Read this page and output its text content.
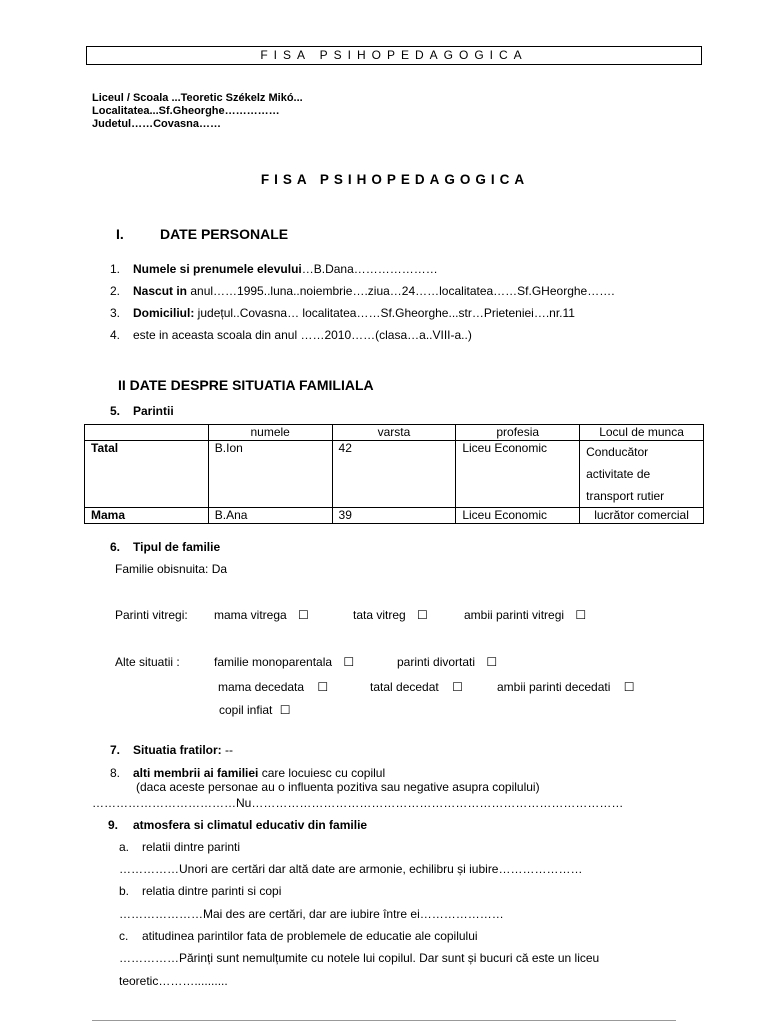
FISA PSIHOPEDAGOGICA
Liceul / Scoala ...Teoretic Székelz Mikó...
Localitatea...Sf.Gheorghe……………
Judetul……Covasna……
FISA PSIHOPEDAGOGICA
I.	DATE PERSONALE
1. Numele si prenumele elevului…B.Dana…………………
2. Nascut in anul……1995..luna..noiembrie….ziua…24……localitatea……Sf.GHeorghe…….
3. Domiciliul: județul..Covasna… localitatea……Sf.Gheorghe...str…Prieteniei….nr.11
4. este in aceasta scoala din anul ……2010……(clasa…a..VIII-a..)
II DATE DESPRE SITUATIA FAMILIALA
5. Parintii
	numele	varsta	profesia	Locul de munca
Tatal	B.Ion	42	Liceu Economic	Conducător activitate de transport rutier
Mama	B.Ana	39	Liceu Economic	lucrător comercial
6. Tipul de familie
Familie obisnuita: Da
Parinti vitregi: mama vitrega ☐	tata vitreg ☐	ambii parinti vitregi ☐
Alte situatii :	familie monoparentala ☐	parinti divortati ☐
mama decedata ☐	tatal decedat ☐	ambii parinti decedati ☐
copil infiat ☐
7. Situatia fratilor: --
8. alti membrii ai familiei care locuiesc cu copilul
(daca aceste personae au o influenta pozitiva sau negative asupra copilului)
………………………………Nu…………………………………………………………………………………
9. atmosfera si climatul educativ din familie
a. relatii dintre parinti
……………Unori are certări dar altă date are armonie, echilibru și iubire…………………
b. relatia dintre parinti si copi
…………………Mai des are certări, dar are iubire între ei…………………
c. atitudinea parintilor fata de problemele de educatie ale copilului
……………Părinți sunt nemulțumite cu notele lui copilul. Dar sunt și bucuri că este un liceu
teoretic………..........
